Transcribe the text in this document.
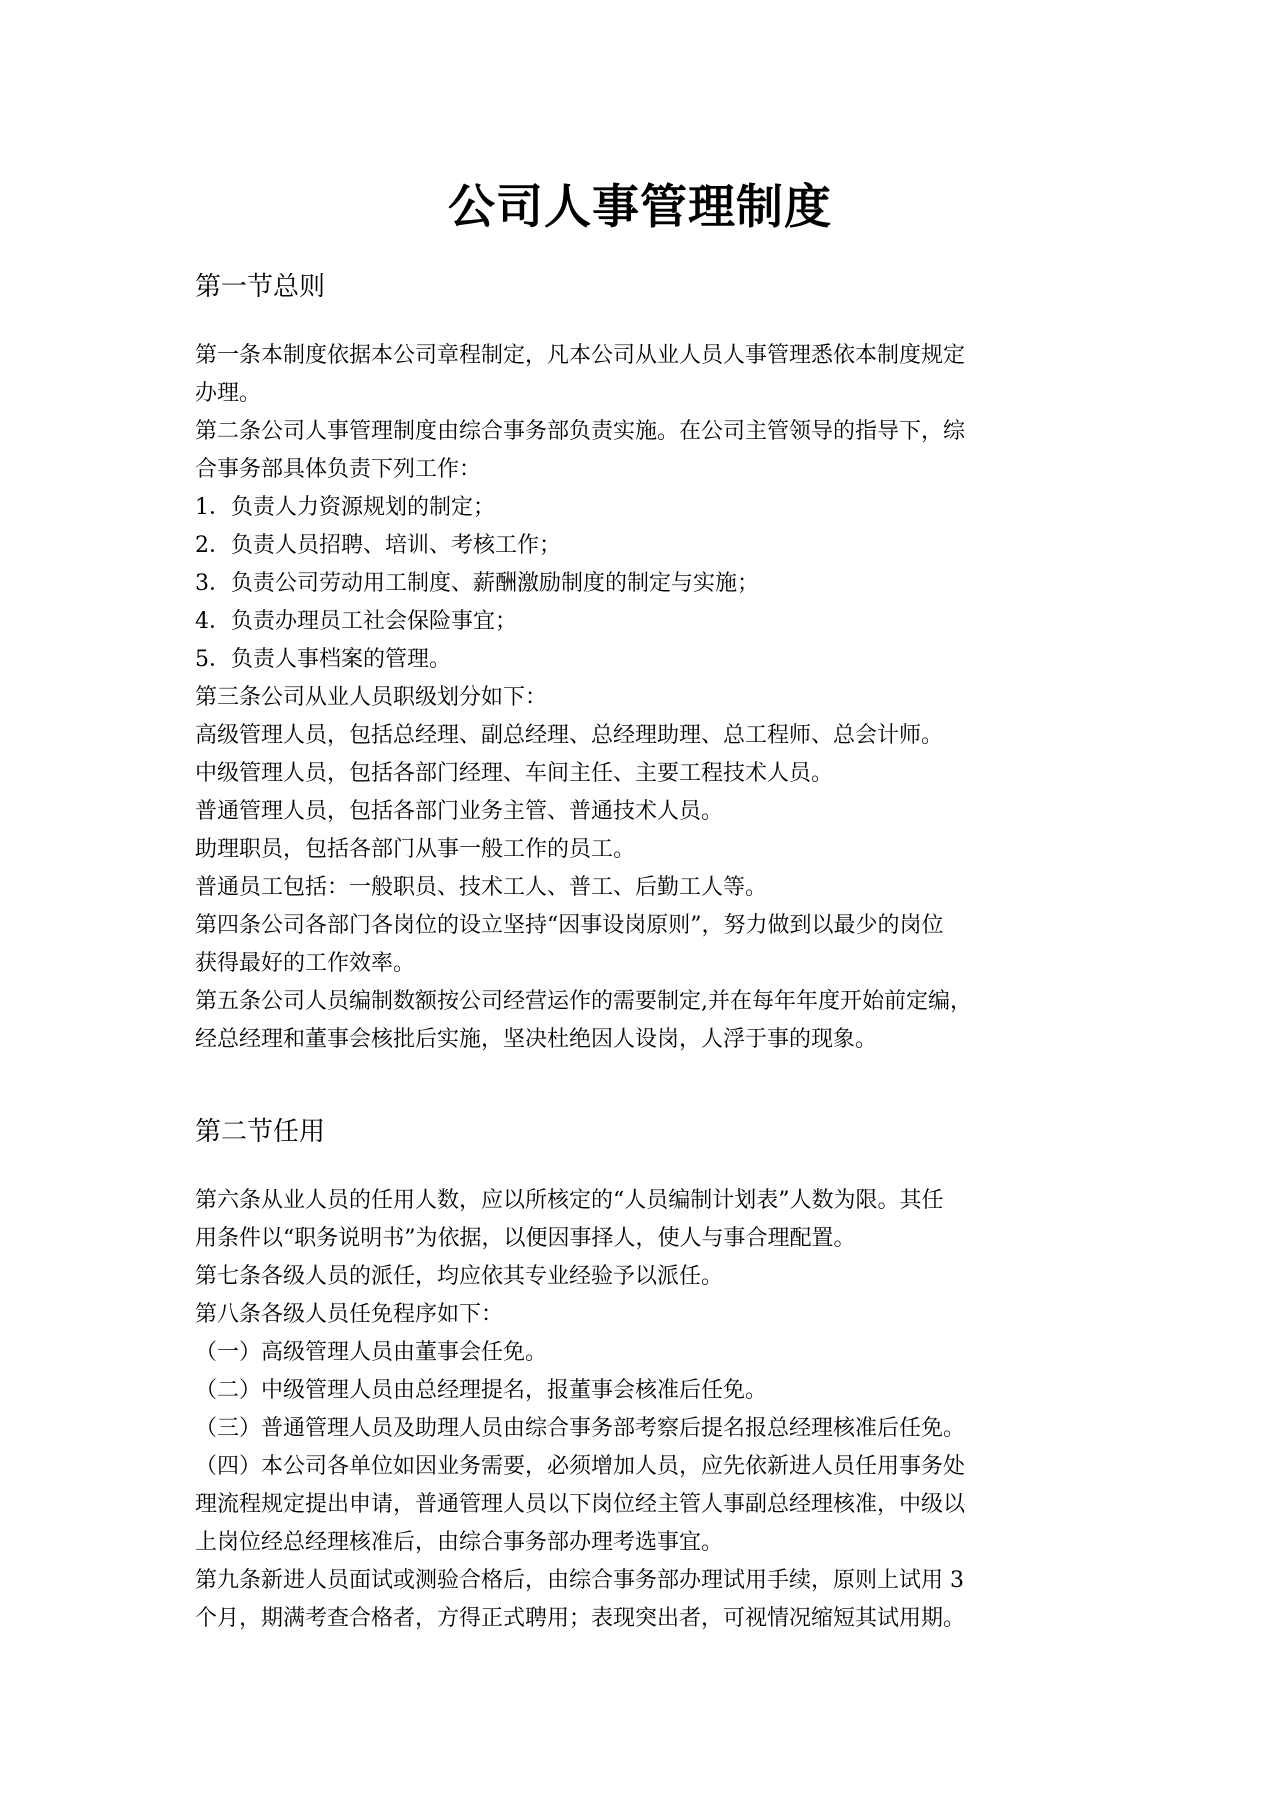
公司人事管理制度
第一节总则

第一条本制度依据本公司章程制定，凡本公司从业人员人事管理悉依本制度规定

办理。

第二条公司人事管理制度由综合事务部负责实施。在公司主管领导的指导下，综

合事务部具体负责下列工作：

1．负责人力资源规划的制定；

2．负责人员招聘、培训、考核工作；

3．负责公司劳动用工制度、薪酬激励制度的制定与实施；

4．负责办理员工社会保险事宜；

5．负责人事档案的管理。

第三条公司从业人员职级划分如下：

高级管理人员，包括总经理、副总经理、总经理助理、总工程师、总会计师。

中级管理人员，包括各部门经理、车间主任、主要工程技术人员。

普通管理人员，包括各部门业务主管、普通技术人员。

助理职员，包括各部门从事一般工作的员工。

普通员工包括：一般职员、技术工人、普工、后勤工人等。

第四条公司各部门各岗位的设立坚持“因事设岗原则”，努力做到以最少的岗位

获得最好的工作效率。

第五条公司人员编制数额按公司经营运作的需要制定,并在每年年度开始前定编，

经总经理和董事会核批后实施，坚决杜绝因人设岗，人浮于事的现象。

第二节任用

第六条从业人员的任用人数，应以所核定的“人员编制计划表”人数为限。其任

用条件以“职务说明书”为依据，以便因事择人，使人与事合理配置。

第七条各级人员的派任，均应依其专业经验予以派任。

第八条各级人员任免程序如下：

（一）高级管理人员由董事会任免。

（二）中级管理人员由总经理提名，报董事会核准后任免。

（三）普通管理人员及助理人员由综合事务部考察后提名报总经理核准后任免。

（四）本公司各单位如因业务需要，必须增加人员，应先依新进人员任用事务处

理流程规定提出申请，普通管理人员以下岗位经主管人事副总经理核准，中级以

上岗位经总经理核准后，由综合事务部办理考选事宜。

第九条新进人员面试或测验合格后，由综合事务部办理试用手续，原则上试用 3

个月，期满考查合格者，方得正式聘用；表现突出者，可视情况缩短其试用期。
